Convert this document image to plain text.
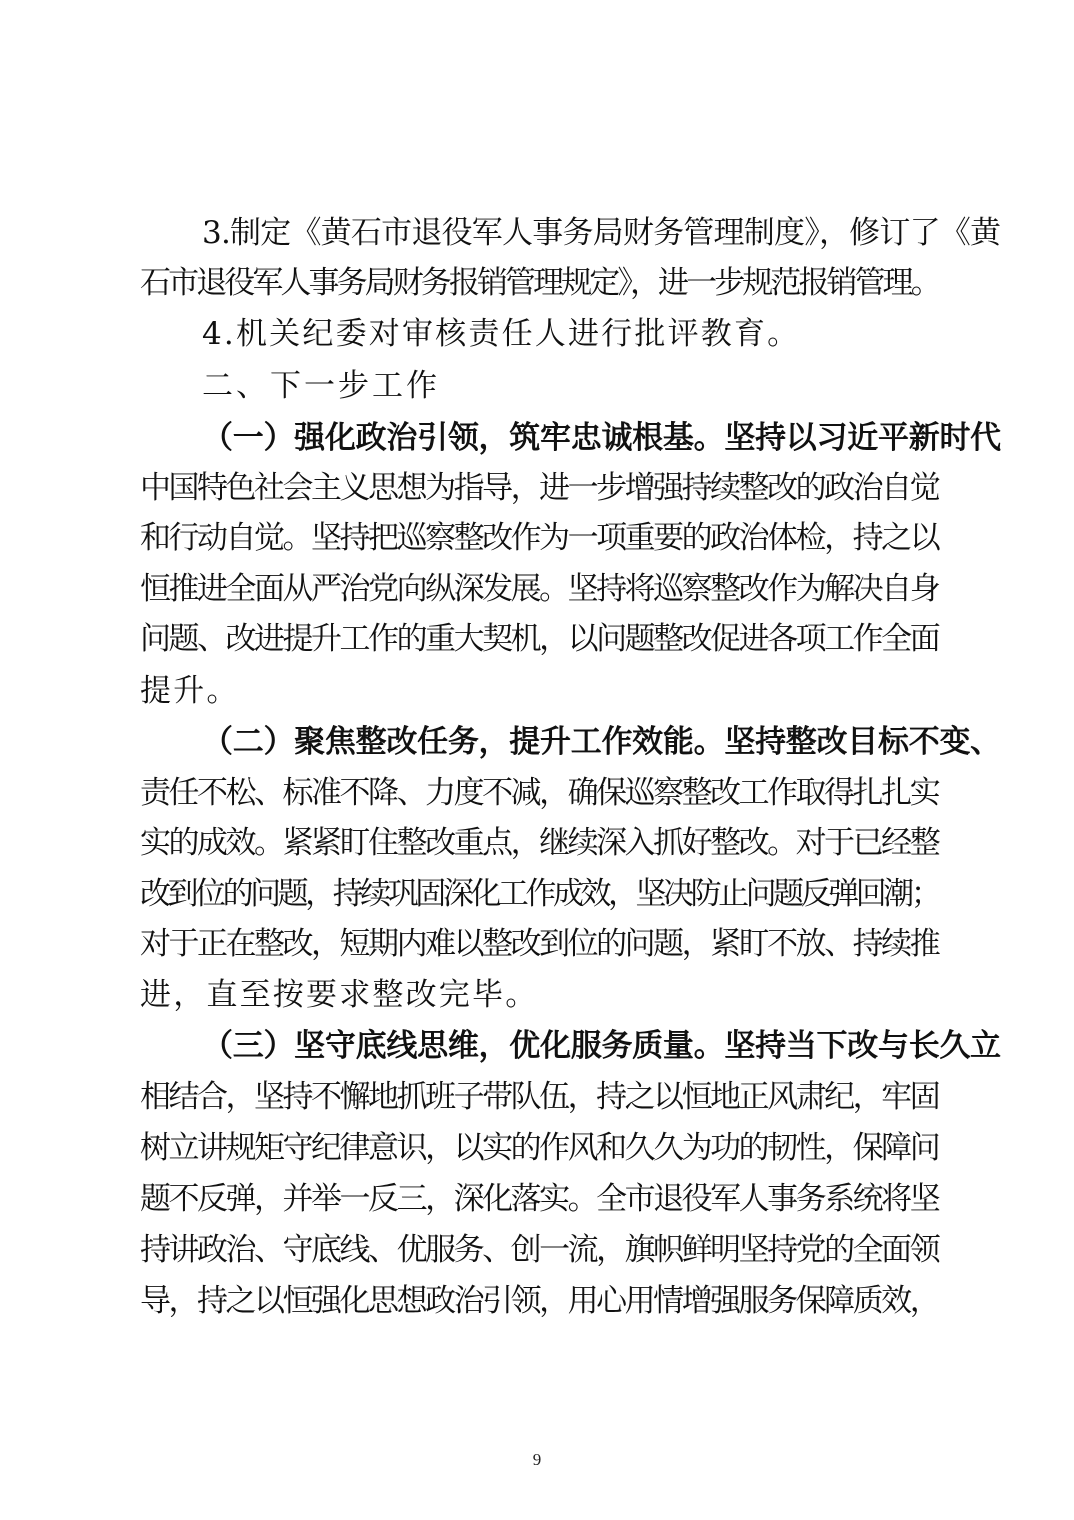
3.制定《黄石市退役军人事务局财务管理制度》，修订了《黄
石市退役军人事务局财务报销管理规定》，进一步规范报销管理。
4.机关纪委对审核责任人进行批评教育。
二、下一步工作
（一）强化政治引领，筑牢忠诚根基。坚持以习近平新时代
中国特色社会主义思想为指导，进一步增强持续整改的政治自觉
和行动自觉。坚持把巡察整改作为一项重要的政治体检，持之以
恒推进全面从严治党向纵深发展。坚持将巡察整改作为解决自身
问题、改进提升工作的重大契机，以问题整改促进各项工作全面
提升。
（二）聚焦整改任务，提升工作效能。坚持整改目标不变、
责任不松、标准不降、力度不减，确保巡察整改工作取得扎扎实
实的成效。紧紧盯住整改重点，继续深入抓好整改。对于已经整
改到位的问题，持续巩固深化工作成效，坚决防止问题反弹回潮；
对于正在整改，短期内难以整改到位的问题，紧盯不放、持续推
进，直至按要求整改完毕。
（三）坚守底线思维，优化服务质量。坚持当下改与长久立
相结合，坚持不懈地抓班子带队伍，持之以恒地正风肃纪，牢固
树立讲规矩守纪律意识，以实的作风和久久为功的韧性，保障问
题不反弹，并举一反三，深化落实。全市退役军人事务系统将坚
持讲政治、守底线、优服务、创一流，旗帜鲜明坚持党的全面领
导，持之以恒强化思想政治引领，用心用情增强服务保障质效，
9
